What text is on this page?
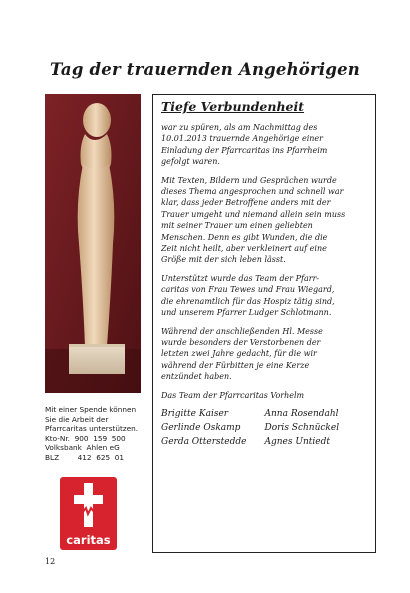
Tag der trauernden Angehörigen
Mit einer Spende können
Sie die Arbeit der
Pfarrcaritas unterstützen.
Kto-Nr.  900  159  500
Volksbank  Ahlen eG
BLZ        412  625  01
caritas
12
Tiefe Verbundenheit

war zu spüren, als am Nachmittag des
10.01.2013 trauernde Angehörige einer
Einladung der Pfarrcaritas ins Pfarrheim
gefolgt waren.

Mit Texten, Bildern und Gesprächen wurde
dieses Thema angesprochen und schnell war
klar, dass jeder Betroffene anders mit der
Trauer umgeht und niemand allein sein muss
mit seiner Trauer um einen geliebten
Menschen. Denn es gibt Wunden, die die
Zeit nicht heilt, aber verkleinert auf eine
Größe mit der sich leben lässt.

Unterstützt wurde das Team der Pfarr-
caritas von Frau Tewes und Frau Wiegard,
die ehrenamtlich für das Hospiz tätig sind,
und unserem Pfarrer Ludger Schlotmann.

Während der anschließenden Hl. Messe
wurde besonders der Verstorbenen der
letzten zwei Jahre gedacht, für die wir
während der Fürbitten je eine Kerze
entzündet haben.

Das Team der Pfarrcaritas Vorhelm

Brigitte Kaiser	Anna Rosendahl
Gerlinde Oskamp	Doris Schnückel
Gerda Otterstedde	Agnes Untiedt
